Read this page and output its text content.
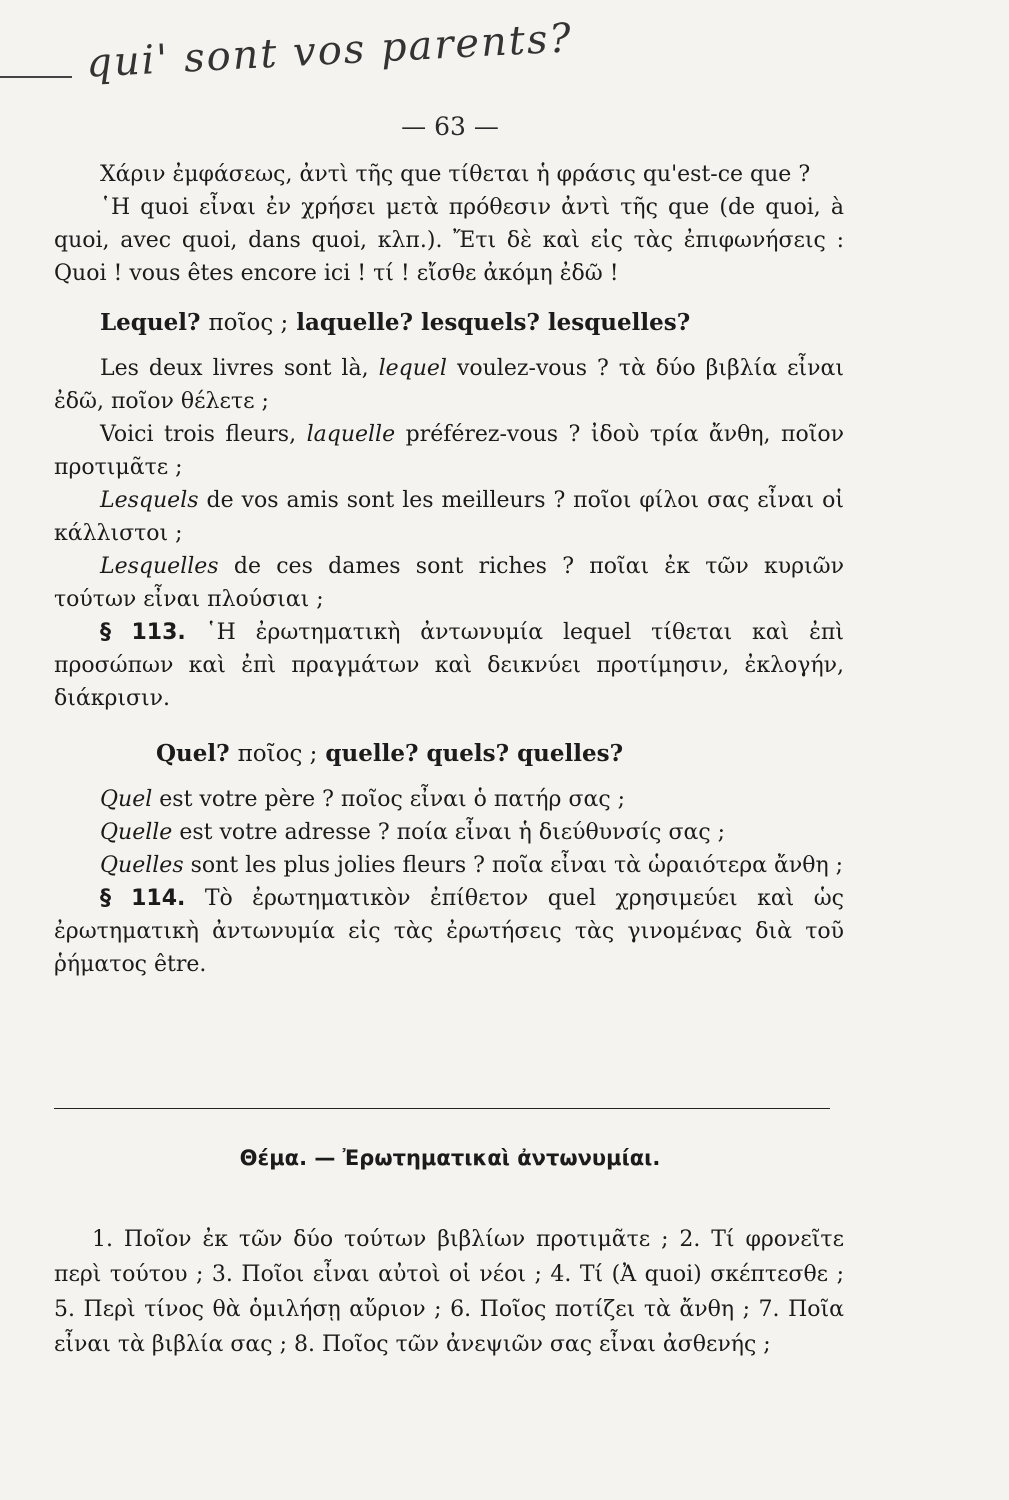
qui' sont vos parents?
— 63 —

Χάριν ἐμφάσεως, ἀντὶ τῆς que τίθεται ἡ φράσις qu'est-ce que ?

῾Η quoi εἶναι ἐν χρήσει μετὰ πρόθεσιν ἀντὶ τῆς que (de quoi, à quoi, avec quoi, dans quoi, κλπ.). Ἔτι δὲ καὶ εἰς τὰς ἐπιφωνήσεις : Quoi ! vous êtes encore ici ! τί ! εἴσθε ἀκόμη ἐδῶ !

Lequel? ποῖος ; laquelle? lesquels? lesquelles?

Les deux livres sont là, lequel voulez-vous ? τὰ δύο βιβλία εἶναι ἐδῶ, ποῖον θέλετε ;

Voici trois fleurs, laquelle préférez-vous ? ἰδοὺ τρία ἄνθη, ποῖον προτιμᾶτε ;

Lesquels de vos amis sont les meilleurs ? ποῖοι φίλοι σας εἶναι οἱ κάλλιστοι ;

Lesquelles de ces dames sont riches ? ποῖαι ἐκ τῶν κυριῶν τούτων εἶναι πλούσιαι ;

§ 113. ῾Η ἐρωτηματικὴ ἀντωνυμία lequel τίθεται καὶ ἐπὶ προσώπων καὶ ἐπὶ πραγμάτων καὶ δεικνύει προτίμησιν, ἐκλογήν, διάκρισιν.

Quel? ποῖος ; quelle? quels? quelles?

Quel est votre père ? ποῖος εἶναι ὁ πατήρ σας ;

Quelle est votre adresse ? ποία εἶναι ἡ διεύθυνσίς σας ;

Quelles sont les plus jolies fleurs ? ποῖα εἶναι τὰ ὡραιότερα ἄνθη ;

§ 114. Τὸ ἐρωτηματικὸν ἐπίθετον quel χρησιμεύει καὶ ὡς ἐρωτηματικὴ ἀντωνυμία εἰς τὰς ἐρωτήσεις τὰς γινομένας διὰ τοῦ ῥήματος être.

Θέμα. — Ἐρωτηματικαὶ ἀντωνυμίαι.

1. Ποῖον ἐκ τῶν δύο τούτων βιβλίων προτιμᾶτε ; 2. Τί φρονεῖτε περὶ τούτου ; 3. Ποῖοι εἶναι αὐτοὶ οἱ νέοι ; 4. Τί (Ἀ quoi) σκέπτεσθε ; 5. Περὶ τίνος θὰ ὁμιλήσῃ αὔριον ; 6. Ποῖος ποτίζει τὰ ἄνθη ; 7. Ποῖα εἶναι τὰ βιβλία σας ; 8. Ποῖος τῶν ἀνεψιῶν σας εἶναι ἀσθενής ;
